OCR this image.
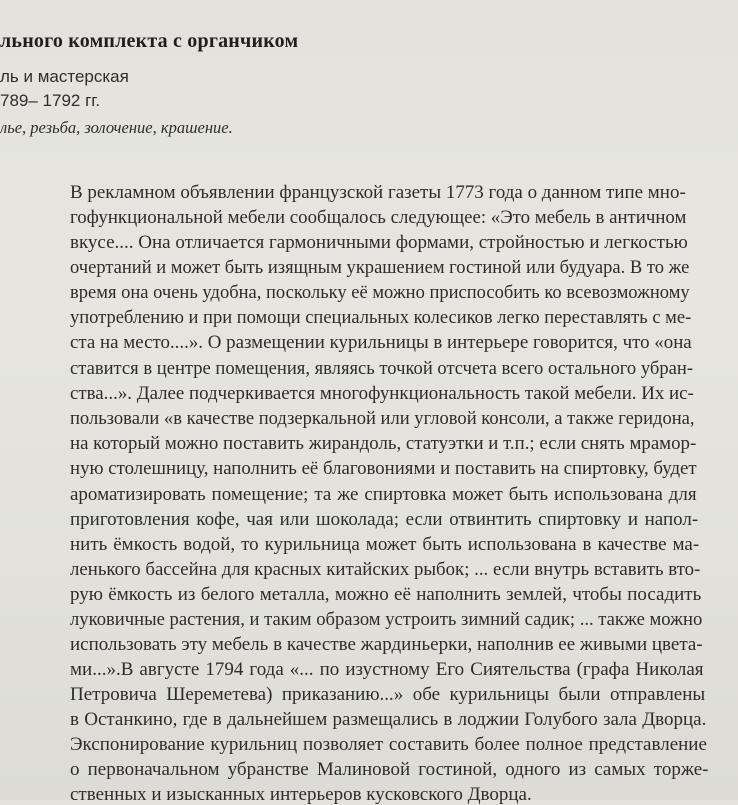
льного комплекта с органчиком
ль и мастерская
789– 1792 гг.
лье, резьба, золочение, крашение.
В рекламном объявлении французской газеты 1773 года о данном типе мно-
гофункциональной мебели сообщалось следующее: «Это мебель в античном
вкусе.... Она отличается гармоничными формами, стройностью и легкостью
очертаний и может быть изящным украшением гостиной или будуара. В то же
время она очень удобна, поскольку её можно приспособить ко всевозможному
употреблению и при помощи специальных колесиков легко переставлять с ме-
ста на место....». О размещении курильницы в интерьере говорится, что «она
ставится в центре помещения, являясь точкой отсчета всего остального убран-
ства...». Далее подчеркивается многофункциональность такой мебели. Их ис-
пользовали «в качестве подзеркальной или угловой консоли, а также геридона,
на который можно поставить жирандоль, статуэтки и т.п.; если снять мрамор-
ную столешницу, наполнить её благовониями и поставить на спиртовку, будет
ароматизировать помещение; та же спиртовка может быть использована для
приготовления кофе, чая или шоколада; если отвинтить спиртовку и напол-
нить ёмкость водой, то курильница может быть использована в качестве ма-
ленького бассейна для красных китайских рыбок; ... если внутрь вставить вто-
рую ёмкость из белого металла, можно её наполнить землей, чтобы посадить
луковичные растения, и таким образом устроить зимний садик; ... также можно
использовать эту мебель в качестве жардиньерки, наполнив ее живыми цвета-
ми...».В августе 1794 года «... по изустному Его Сиятельства (графа Николая
Петровича Шереметева) приказанию...» обе курильницы были отправлены
в Останкино, где в дальнейшем размещались в лоджии Голубого зала Дворца.
Экспонирование курильниц позволяет составить более полное представление
о первоначальном убранстве Малиновой гостиной, одного из самых торже-
ственных и изысканных интерьеров кусковского Дворца.
